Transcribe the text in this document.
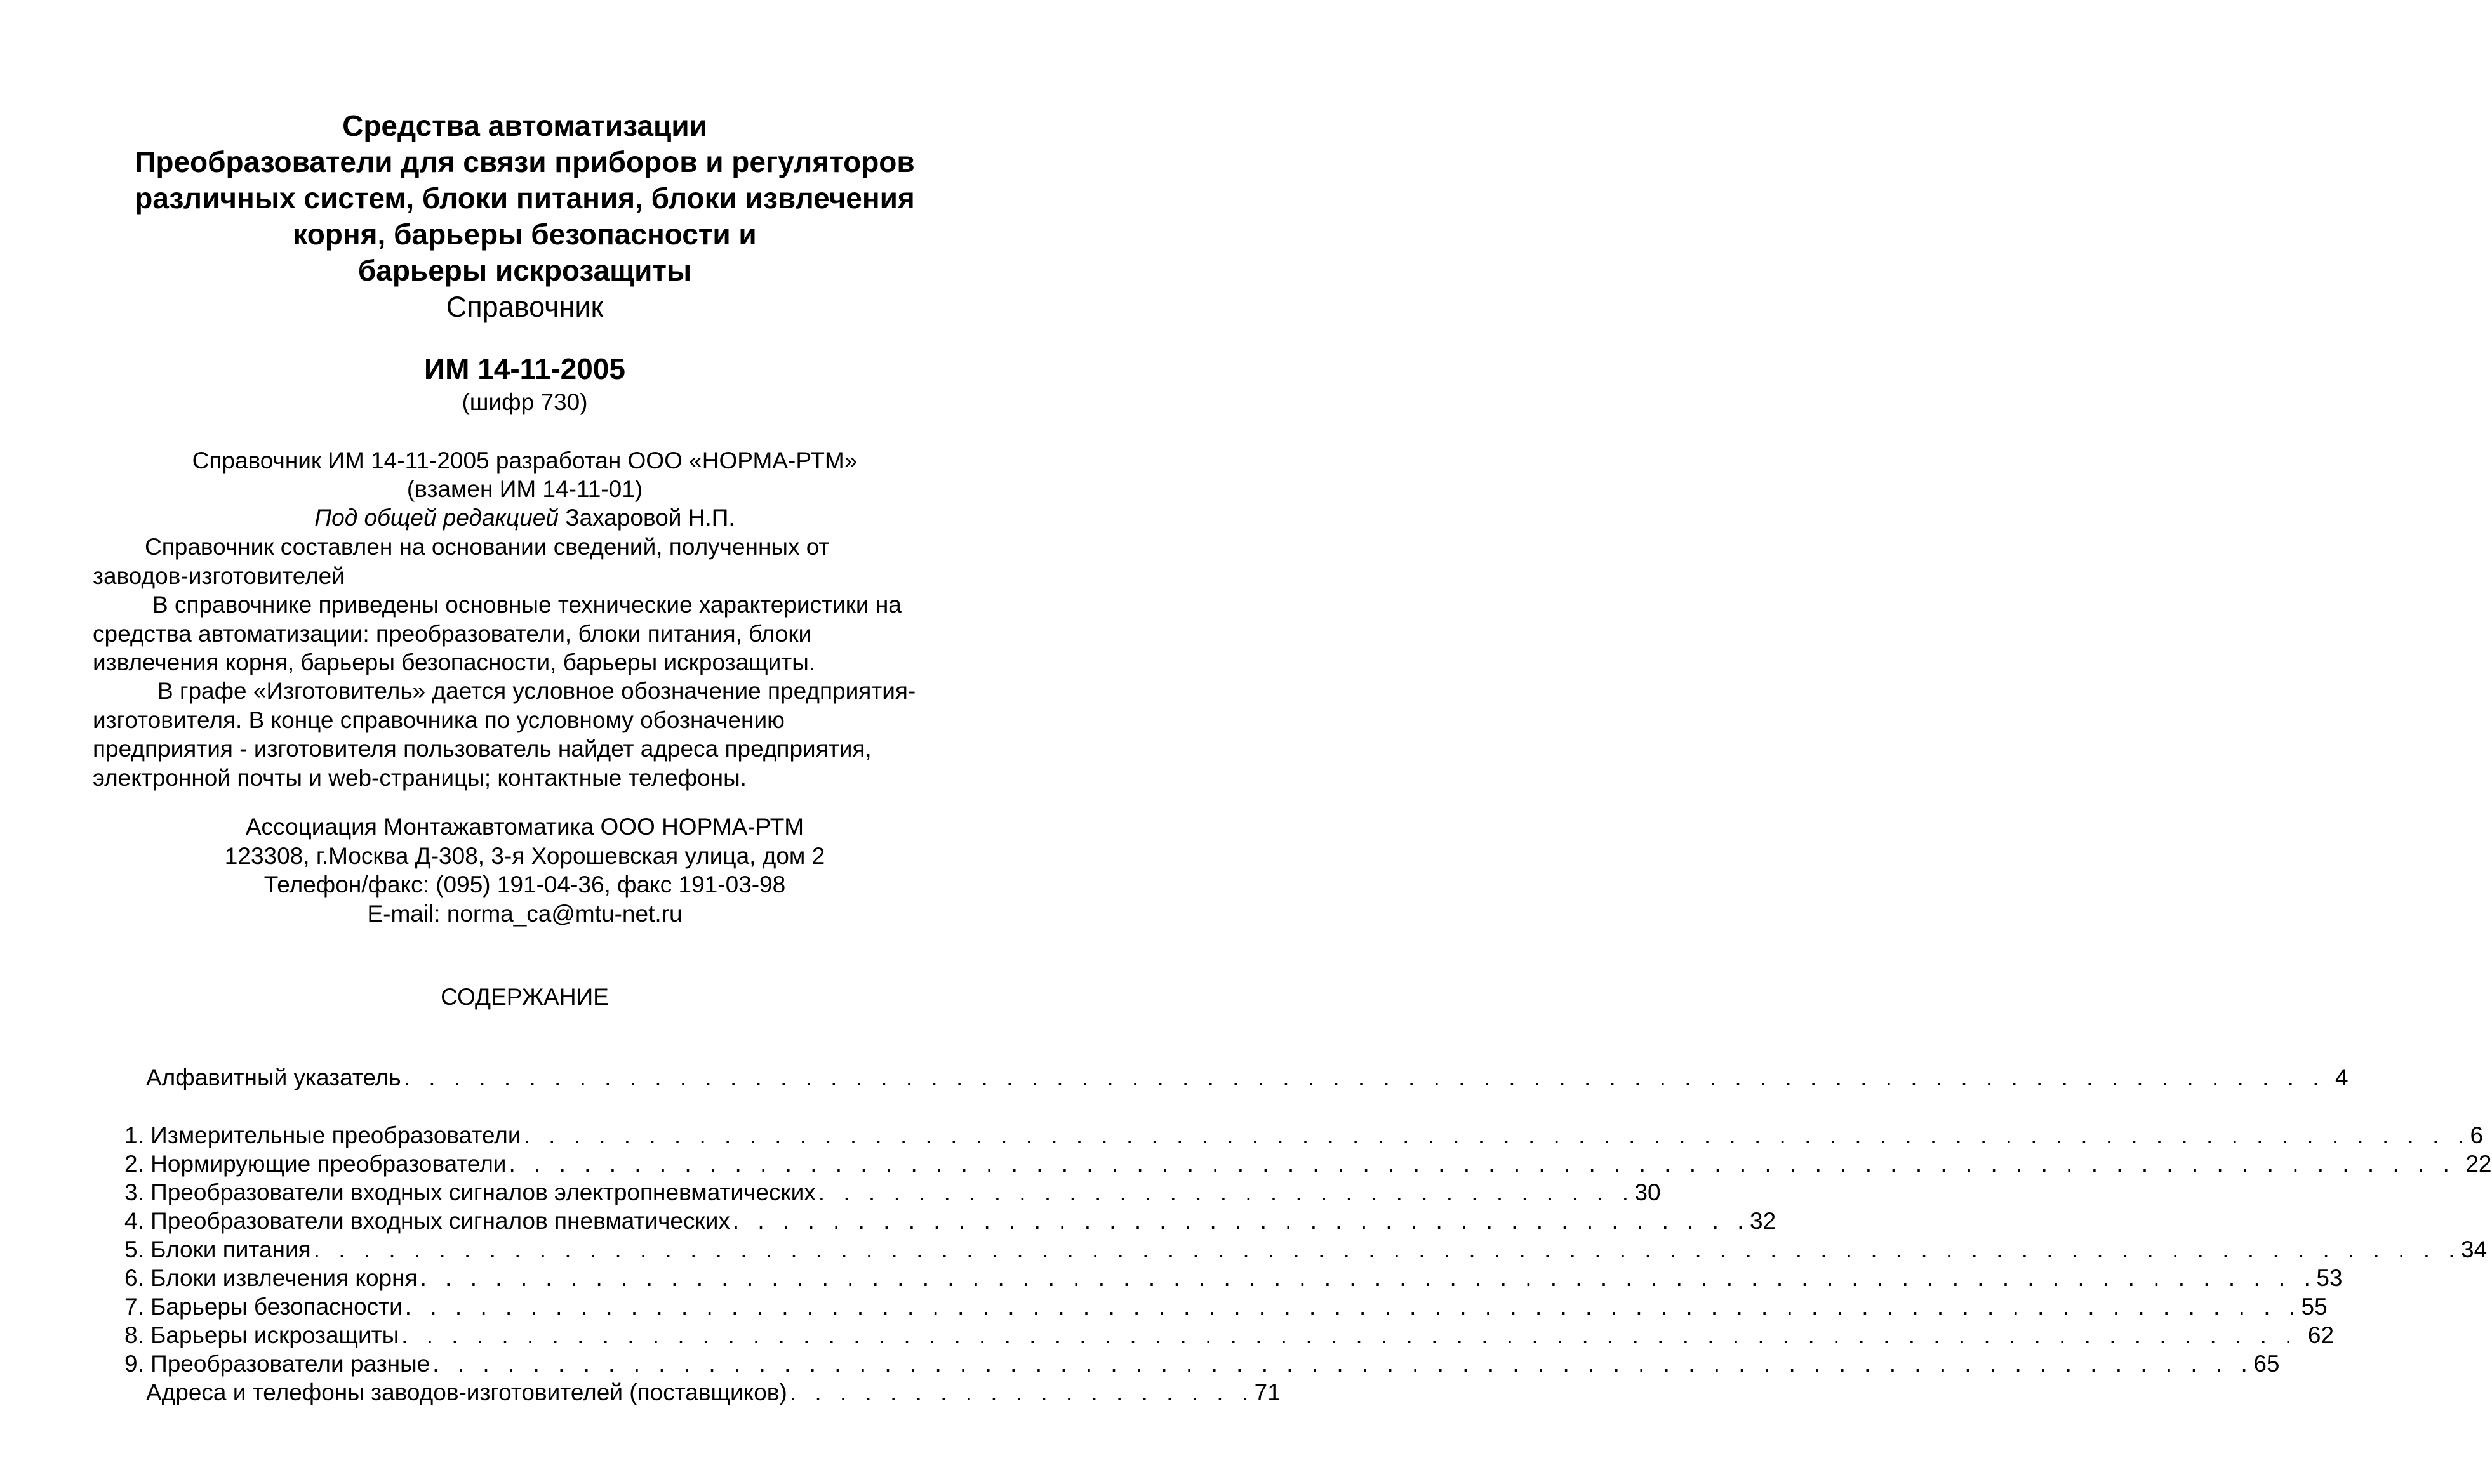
Средства автоматизации
Преобразователи для связи приборов и регуляторов
различных систем, блоки питания, блоки извлечения
корня, барьеры безопасности и
барьеры искрозащиты
Справочник
ИМ 14-11-2005
(шифр 730)
Справочник ИМ 14-11-2005 разработан ООО «НОРМА-РТМ»
(взамен ИМ 14-11-01)
Под общей редакцией Захаровой Н.П.
Справочник составлен на основании сведений, полученных от
заводов-изготовителей
В справочнике приведены основные технические характеристики на
средства автоматизации: преобразователи, блоки питания, блоки
извлечения корня, барьеры безопасности, барьеры искрозащиты.
В графе «Изготовитель» дается условное обозначение предприятия-
изготовителя. В конце справочника по условному обозначению
предприятия - изготовителя пользователь найдет адреса предприятия,
электронной почты и web-страницы; контактные телефоны.
Ассоциация Монтажавтоматика ООО НОРМА-РТМ
123308, г.Москва Д-308, 3-я Хорошевская улица, дом 2
Телефон/факс: (095) 191-04-36, факс 191-03-98
E-mail: norma_ca@mtu-net.ru
СОДЕРЖАНИЕ
Алфавитный указатель . . . . . . . . . . . . . . . . . . . . . . . . . . . . . . . . . . . . . . . . . . . . . . . . . . . . . . . . . . . . . . . . . . . . . . . . . . . . . 4
1.
Измерительные преобразователи . . . . . . . . . . . . . . . . . . . . . . . . . . . . . . . . . . . . . . . . . . . . . . . . . . . . . . . . . . . . . . . . . . . . . . . . . . . . . . 6
2.
Нормирующие преобразователи . . . . . . . . . . . . . . . . . . . . . . . . . . . . . . . . . . . . . . . . . . . . . . . . . . . . . . . . . . . . . . . . . . . . . . . . . . . . . . 22
3.
Преобразователи входных сигналов электропневматических . . . . . . . . . . . . . . . . . . . . . . . . . . . . . . . . . 30
4.
Преобразователи входных сигналов пневматических . . . . . . . . . . . . . . . . . . . . . . . . . . . . . . . . . . . . . . . . . 32
5.
Блоки питания . . . . . . . . . . . . . . . . . . . . . . . . . . . . . . . . . . . . . . . . . . . . . . . . . . . . . . . . . . . . . . . . . . . . . . . . . . . . . . . . . . . . . . 34
6.
Блоки извлечения корня . . . . . . . . . . . . . . . . . . . . . . . . . . . . . . . . . . . . . . . . . . . . . . . . . . . . . . . . . . . . . . . . . . . . . . . . . . . . 53
7.
Барьеры безопасности . . . . . . . . . . . . . . . . . . . . . . . . . . . . . . . . . . . . . . . . . . . . . . . . . . . . . . . . . . . . . . . . . . . . . . . . . . . . 55
8.
Барьеры искрозащиты . . . . . . . . . . . . . . . . . . . . . . . . . . . . . . . . . . . . . . . . . . . . . . . . . . . . . . . . . . . . . . . . . . . . . . . . . . . . 62
9.
Преобразователи разные . . . . . . . . . . . . . . . . . . . . . . . . . . . . . . . . . . . . . . . . . . . . . . . . . . . . . . . . . . . . . . . . . . . . . . . . . 65
Адреса и телефоны заводов-изготовителей (поставщиков) . . . . . . . . . . . . . . . . . . . 71
